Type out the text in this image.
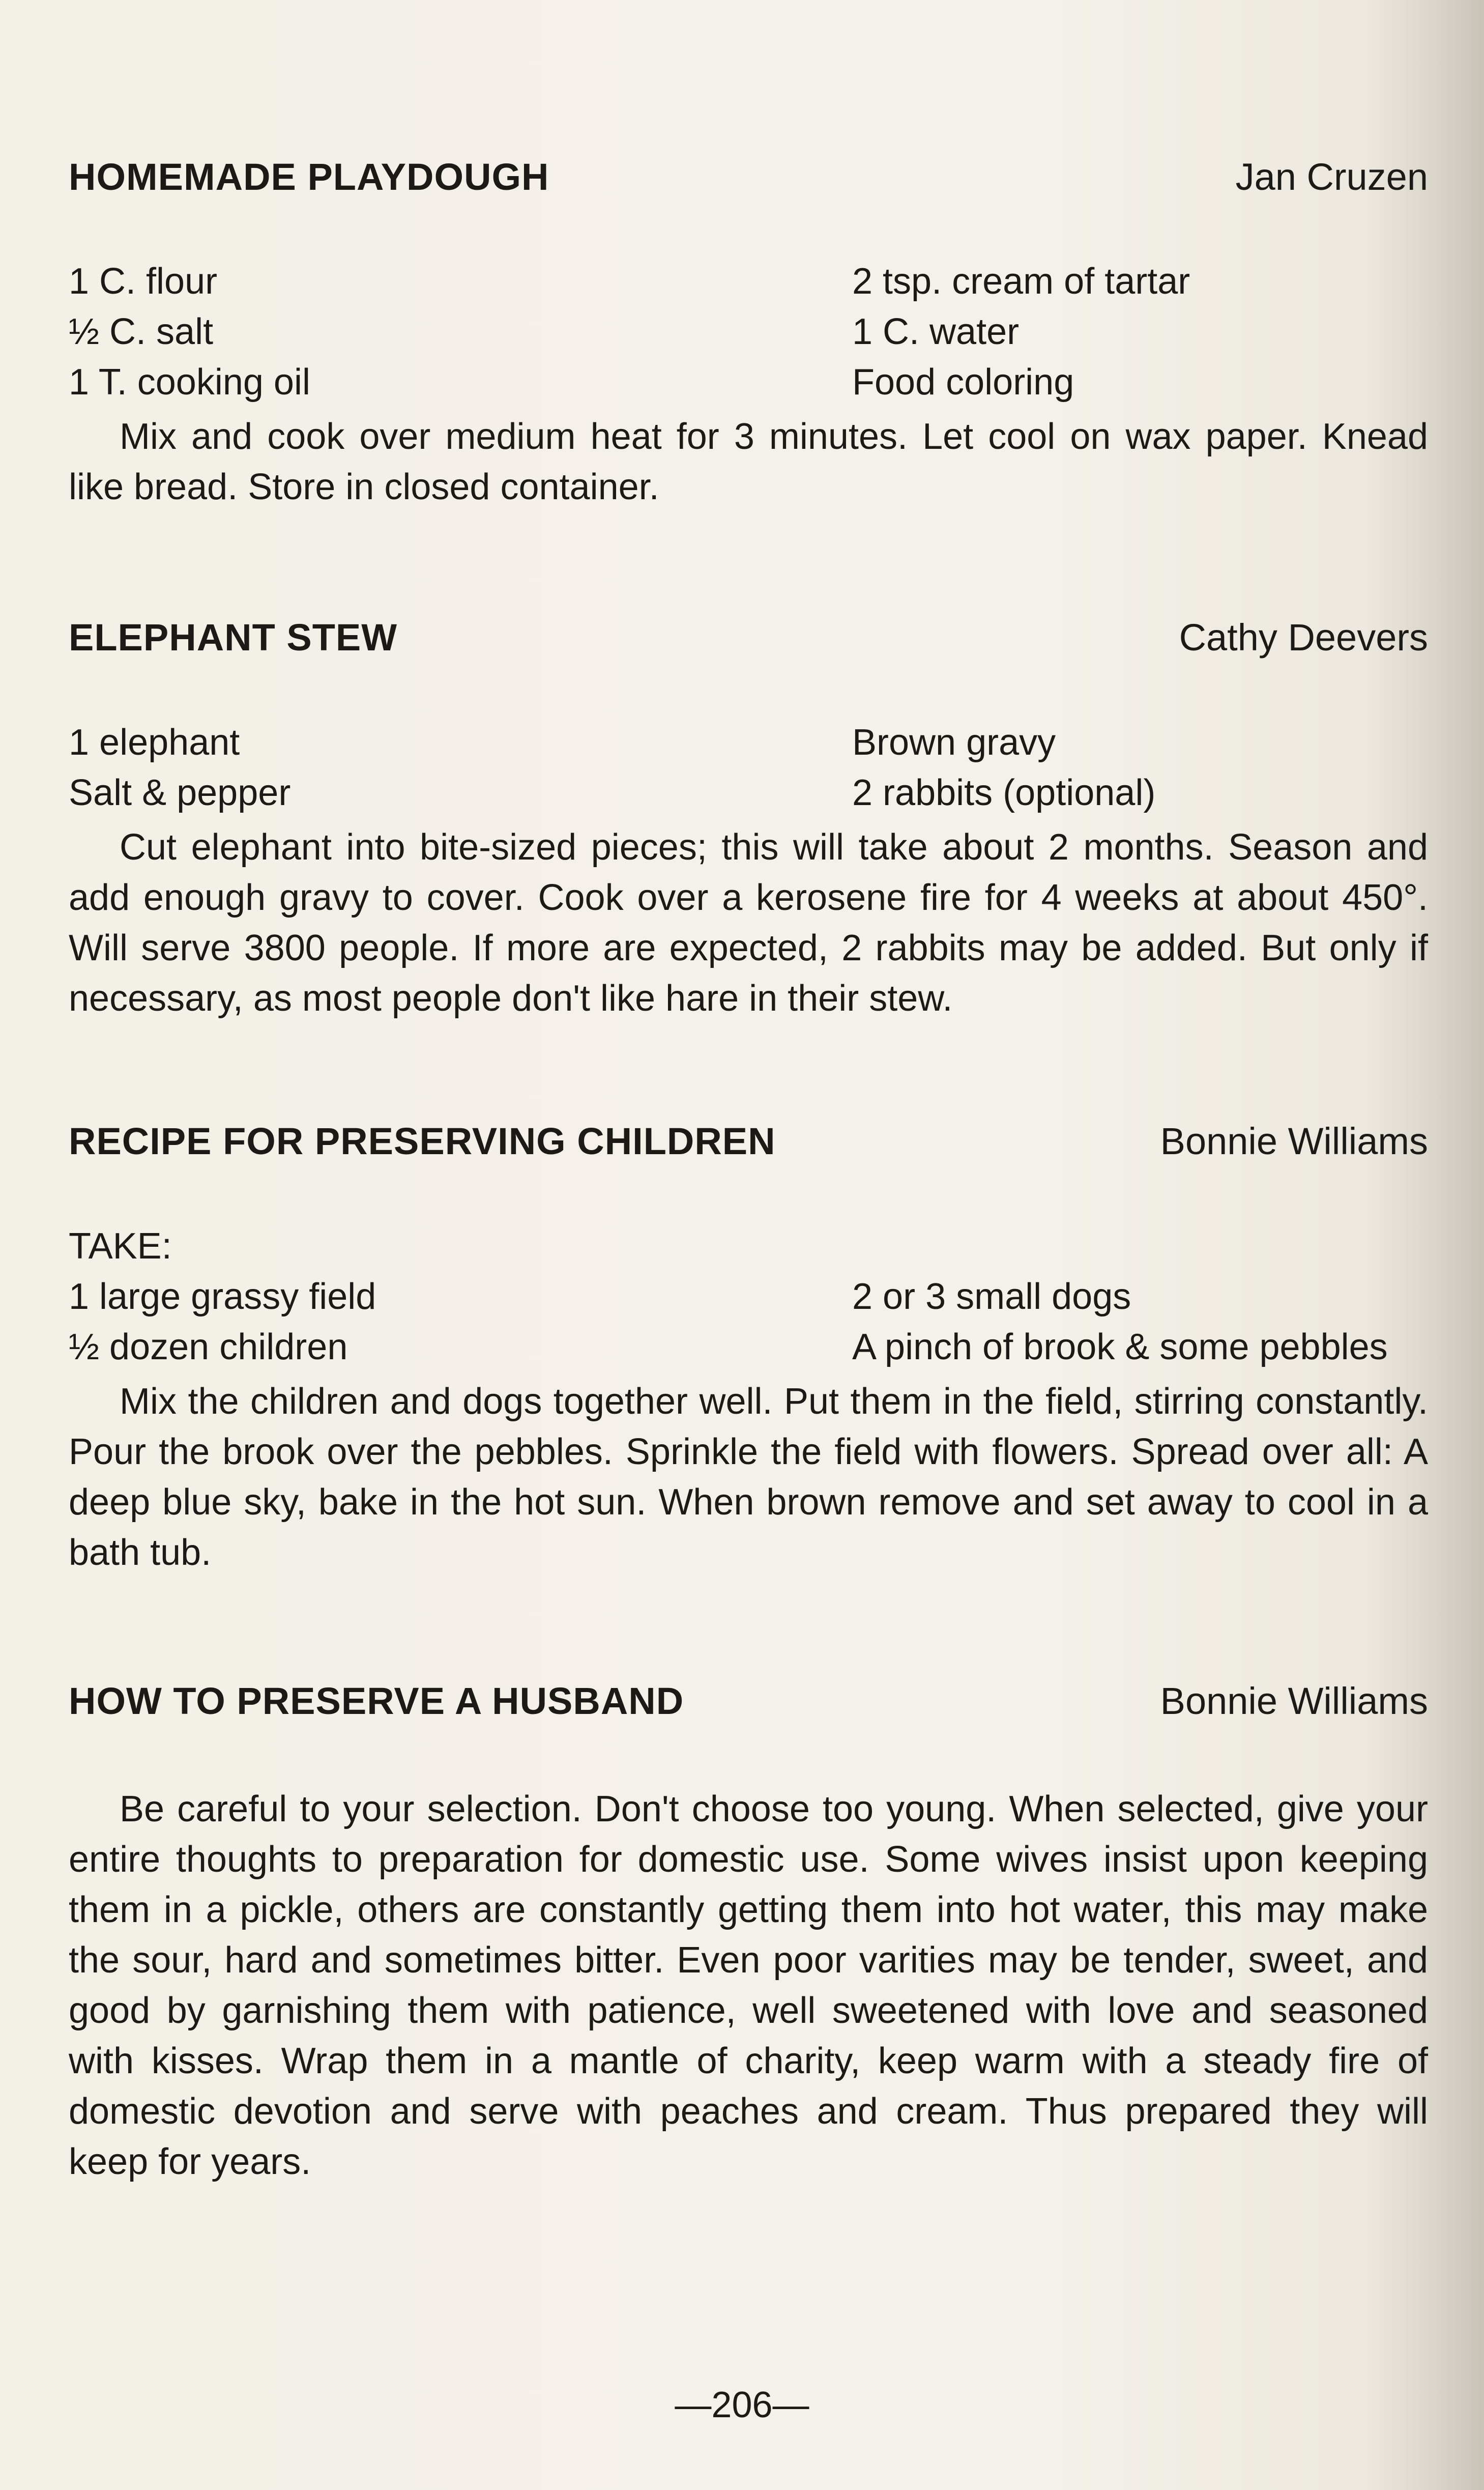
HOMEMADE PLAYDOUGH	Jan Cruzen
1 C. flour	2 tsp. cream of tartar
½ C. salt	1 C. water
1 T. cooking oil	Food coloring

Mix and cook over medium heat for 3 minutes. Let cool on wax paper. Knead like bread. Store in closed container.

ELEPHANT STEW	Cathy Deevers
1 elephant	Brown gravy
Salt & pepper	2 rabbits (optional)

Cut elephant into bite-sized pieces; this will take about 2 months. Season and add enough gravy to cover. Cook over a kerosene fire for 4 weeks at about 450°. Will serve 3800 people. If more are expected, 2 rabbits may be added. But only if necessary, as most people don't like hare in their stew.

RECIPE FOR PRESERVING CHILDREN	Bonnie Williams
TAKE:
1 large grassy field	2 or 3 small dogs
½ dozen children	A pinch of brook & some pebbles

Mix the children and dogs together well. Put them in the field, stirring constantly. Pour the brook over the pebbles. Sprinkle the field with flowers. Spread over all: A deep blue sky, bake in the hot sun. When brown remove and set away to cool in a bath tub.

HOW TO PRESERVE A HUSBAND	Bonnie Williams

Be careful to your selection. Don't choose too young. When selected, give your entire thoughts to preparation for domestic use. Some wives insist upon keeping them in a pickle, others are constantly getting them into hot water, this may make the sour, hard and sometimes bitter. Even poor varities may be tender, sweet, and good by garnishing them with patience, well sweetened with love and seasoned with kisses. Wrap them in a mantle of charity, keep warm with a steady fire of domestic devotion and serve with peaches and cream. Thus prepared they will keep for years.

—206—
